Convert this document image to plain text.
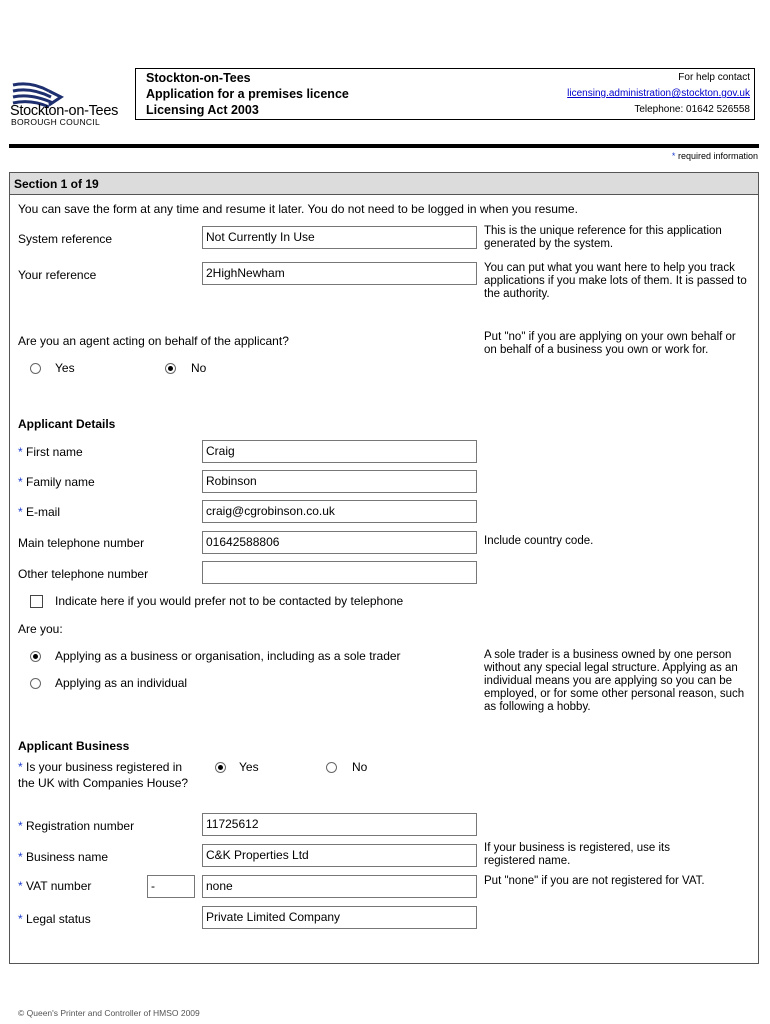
Stockton-on-Tees
BOROUGH COUNCIL
Stockton-on-Tees
Application for a premises licence
Licensing Act 2003
For help contact
licensing.administration@stockton.gov.uk
Telephone: 01642 526558
* required information
Section 1 of 19
You can save the form at any time and resume it later. You do not need to be logged in when you resume.
System reference	Not Currently In Use	This is the unique reference for this application generated by the system.
Your reference	2HighNewham	You can put what you want here to help you track applications if you make lots of them. It is passed to the authority.
Are you an agent acting on behalf of the applicant?	Put "no" if you are applying on your own behalf or on behalf of a business you own or work for.
Yes	No
Applicant Details
* First name	Craig
* Family name	Robinson
* E-mail	craig@cgrobinson.co.uk
Main telephone number	01642588806	Include country code.
Other telephone number
Indicate here if you would prefer not to be contacted by telephone
Are you:
Applying as a business or organisation, including as a sole trader
Applying as an individual
A sole trader is a business owned by one person without any special legal structure. Applying as an individual means you are applying so you can be employed, or for some other personal reason, such as following a hobby.
Applicant Business
* Is your business registered in the UK with Companies House?
Yes	No
* Registration number	11725612
* Business name	C&K Properties Ltd	If your business is registered, use its registered name.
* VAT number	-	none	Put "none" if you are not registered for VAT.
* Legal status	Private Limited Company
© Queen's Printer and Controller of HMSO 2009
